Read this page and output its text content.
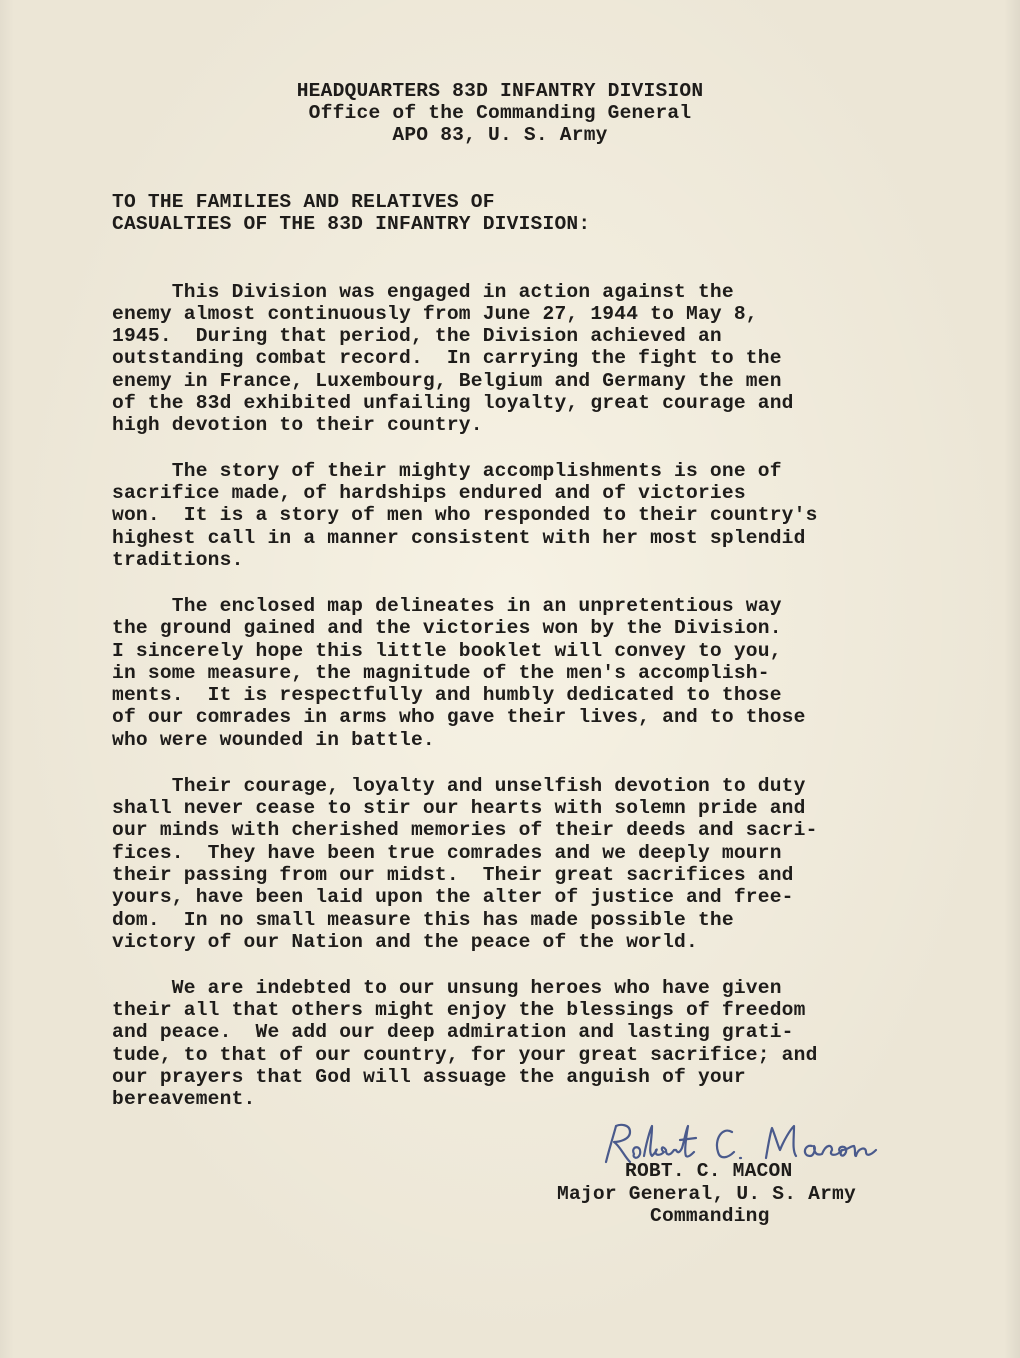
HEADQUARTERS 83D INFANTRY DIVISION
Office of the Commanding General
APO 83, U. S. Army
TO THE FAMILIES AND RELATIVES OF
CASUALTIES OF THE 83D INFANTRY DIVISION:
This Division was engaged in action against the
enemy almost continuously from June 27, 1944 to May 8,
1945.  During that period, the Division achieved an
outstanding combat record.  In carrying the fight to the
enemy in France, Luxembourg, Belgium and Germany the men
of the 83d exhibited unfailing loyalty, great courage and
high devotion to their country.
The story of their mighty accomplishments is one of
sacrifice made, of hardships endured and of victories
won.  It is a story of men who responded to their country's
highest call in a manner consistent with her most splendid
traditions.
The enclosed map delineates in an unpretentious way
the ground gained and the victories won by the Division.
I sincerely hope this little booklet will convey to you,
in some measure, the magnitude of the men's accomplish-
ments.  It is respectfully and humbly dedicated to those
of our comrades in arms who gave their lives, and to those
who were wounded in battle.
Their courage, loyalty and unselfish devotion to duty
shall never cease to stir our hearts with solemn pride and
our minds with cherished memories of their deeds and sacri-
fices.  They have been true comrades and we deeply mourn
their passing from our midst.  Their great sacrifices and
yours, have been laid upon the alter of justice and free-
dom.  In no small measure this has made possible the
victory of our Nation and the peace of the world.
We are indebted to our unsung heroes who have given
their all that others might enjoy the blessings of freedom
and peace.  We add our deep admiration and lasting grati-
tude, to that of our country, for your great sacrifice; and
our prayers that God will assuage the anguish of your
bereavement.
ROBT. C. MACON
Major General, U. S. Army
Commanding
